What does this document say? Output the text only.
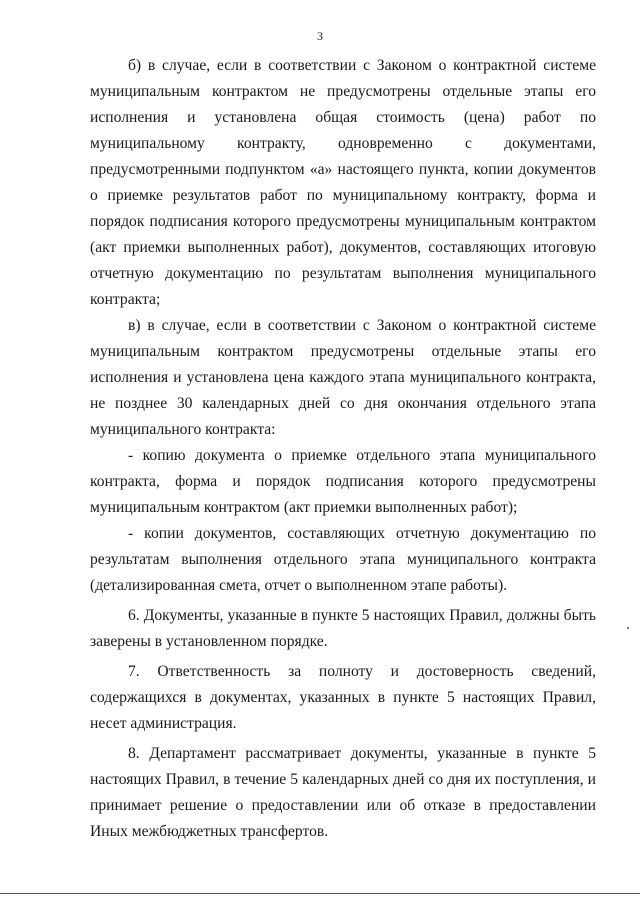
3

б) в случае, если в соответствии с Законом о контрактной системе муниципальным контрактом не предусмотрены отдельные этапы его исполнения и установлена общая стоимость (цена) работ по муниципальному контракту, одновременно с документами, предусмотренными подпунктом «а» настоящего пункта, копии документов о приемке результатов работ по муниципальному контракту, форма и порядок подписания которого предусмотрены муниципальным контрактом (акт приемки выполненных работ), документов, составляющих итоговую отчетную документацию по результатам выполнения муниципального контракта;

в) в случае, если в соответствии с Законом о контрактной системе муниципальным контрактом предусмотрены отдельные этапы его исполнения и установлена цена каждого этапа муниципального контракта, не позднее 30 календарных дней со дня окончания отдельного этапа муниципального контракта:

- копию документа о приемке отдельного этапа муниципального контракта, форма и порядок подписания которого предусмотрены муниципальным контрактом (акт приемки выполненных работ);

- копии документов, составляющих отчетную документацию по результатам выполнения отдельного этапа муниципального контракта (детализированная смета, отчет о выполненном этапе работы).

6. Документы, указанные в пункте 5 настоящих Правил, должны быть заверены в установленном порядке.

7. Ответственность за полноту и достоверность сведений, содержащихся в документах, указанных в пункте 5 настоящих Правил, несет администрация.

8. Департамент рассматривает документы, указанные в пункте 5 настоящих Правил, в течение 5 календарных дней со дня их поступления, и принимает решение о предоставлении или об отказе в предоставлении Иных межбюджетных трансфертов.
